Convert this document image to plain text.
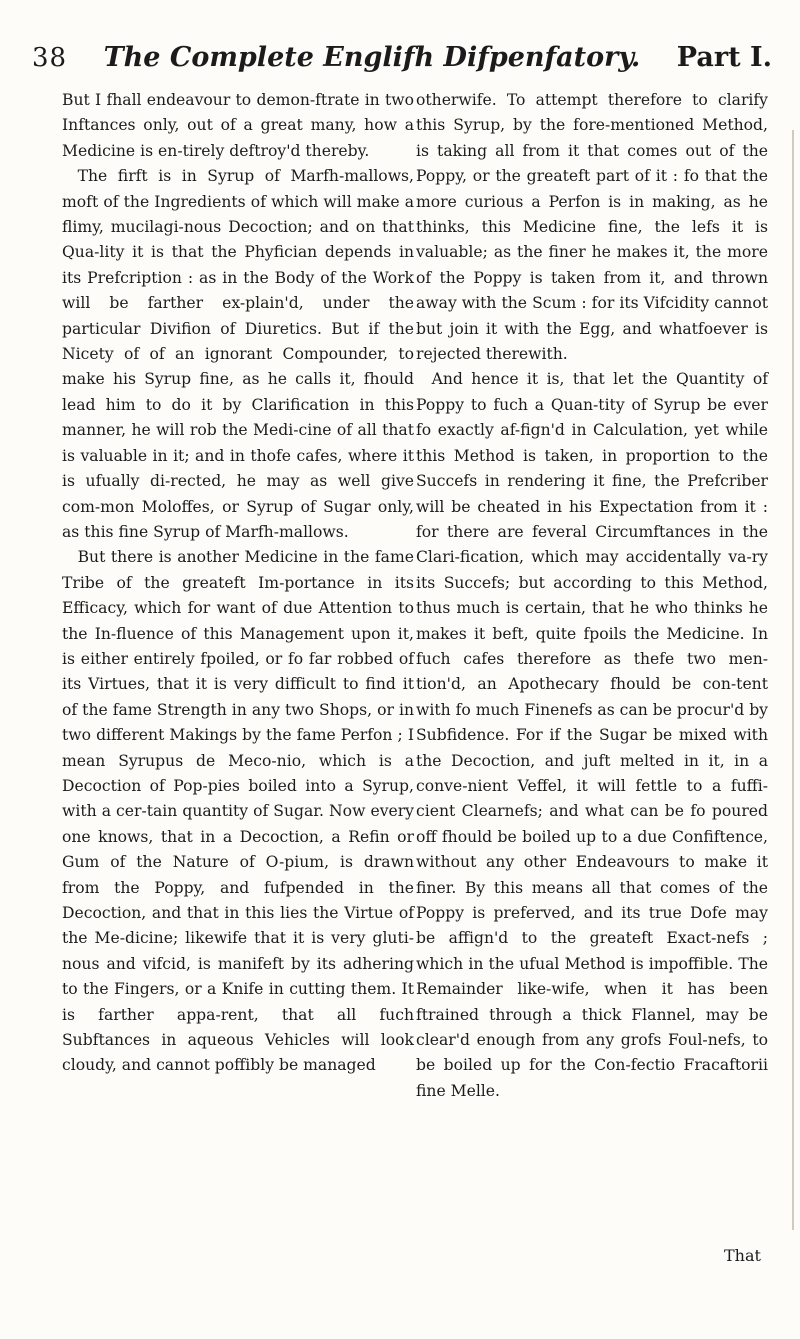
38 The Complete Englifh Difpenfatory. Part I.

But I fhall endeavour to demon-ftrate in two Inftances only, out of a great many, how a Medicine is en-tirely deftroy'd thereby.

The firft is in Syrup of Marfh-mallows, moft of the Ingredients of which will make a flimy, mucilagi-nous Decoction; and on that Qua-lity it is that the Phyfician depends in its Prefcription : as in the Body of the Work will be farther ex-plain'd, under the particular Divifion of Diuretics. But if the Nicety of of an ignorant Compounder, to make his Syrup fine, as he calls it, fhould lead him to do it by Clarification in this manner, he will rob the Medi-cine of all that is valuable in it; and in thofe cafes, where it is ufually di-rected, he may as well give com-mon Moloffes, or Syrup of Sugar only, as this fine Syrup of Marfh-mallows.

But there is another Medicine in the fame Tribe of the greateft Im-portance in its Efficacy, which for want of due Attention to the In-fluence of this Management upon it, is either entirely fpoiled, or fo far robbed of its Virtues, that it is very difficult to find it of the fame Strength in any two Shops, or in two different Makings by the fame Perfon ; I mean Syrupus de Meco-nio, which is a Decoction of Pop-pies boiled into a Syrup, with a cer-tain quantity of Sugar. Now every one knows, that in a Decoction, a Refin or Gum of the Nature of O-pium, is drawn from the Poppy, and fufpended in the Decoction, and that in this lies the Virtue of the Me-dicine; likewife that it is very gluti-nous and vifcid, is manifeft by its adhering to the Fingers, or a Knife in cutting them. It is farther appa-rent, that all fuch Subftances in aqueous Vehicles will look cloudy, and cannot poffibly be managed

otherwife. To attempt therefore to clarify this Syrup, by the fore-mentioned Method, is taking all from it that comes out of the Poppy, or the greateft part of it : fo that the more curious a Perfon is in making, as he thinks, this Medicine fine, the lefs it is valuable; as the finer he makes it, the more of the Poppy is taken from it, and thrown away with the Scum : for its Vifcidity cannot but join it with the Egg, and whatfoever is rejected therewith.

And hence it is, that let the Quantity of Poppy to fuch a Quan-tity of Syrup be ever fo exactly af-fign'd in Calculation, yet while this Method is taken, in proportion to the Succefs in rendering it fine, the Prefcriber will be cheated in his Expectation from it : for there are feveral Circumftances in the Clari-fication, which may accidentally va-ry its Succefs; but according to this Method, thus much is certain, that he who thinks he makes it beft, quite fpoils the Medicine. In fuch cafes therefore as thefe two men-tion'd, an Apothecary fhould be con-tent with fo much Finenefs as can be procur'd by Subfidence. For if the Sugar be mixed with the Decoction, and juft melted in it, in a conve-nient Veffel, it will fettle to a fuffi-cient Clearnefs; and what can be fo poured off fhould be boiled up to a due Confiftence, without any other Endeavours to make it finer. By this means all that comes of the Poppy is preferved, and its true Dofe may be affign'd to the greateft Exact-nefs ; which in the ufual Method is impoffible. The Remainder like-wife, when it has been ftrained through a thick Flannel, may be clear'd enough from any grofs Foul-nefs, to be boiled up for the Con-fectio Fracaftorii fine Melle.

That
